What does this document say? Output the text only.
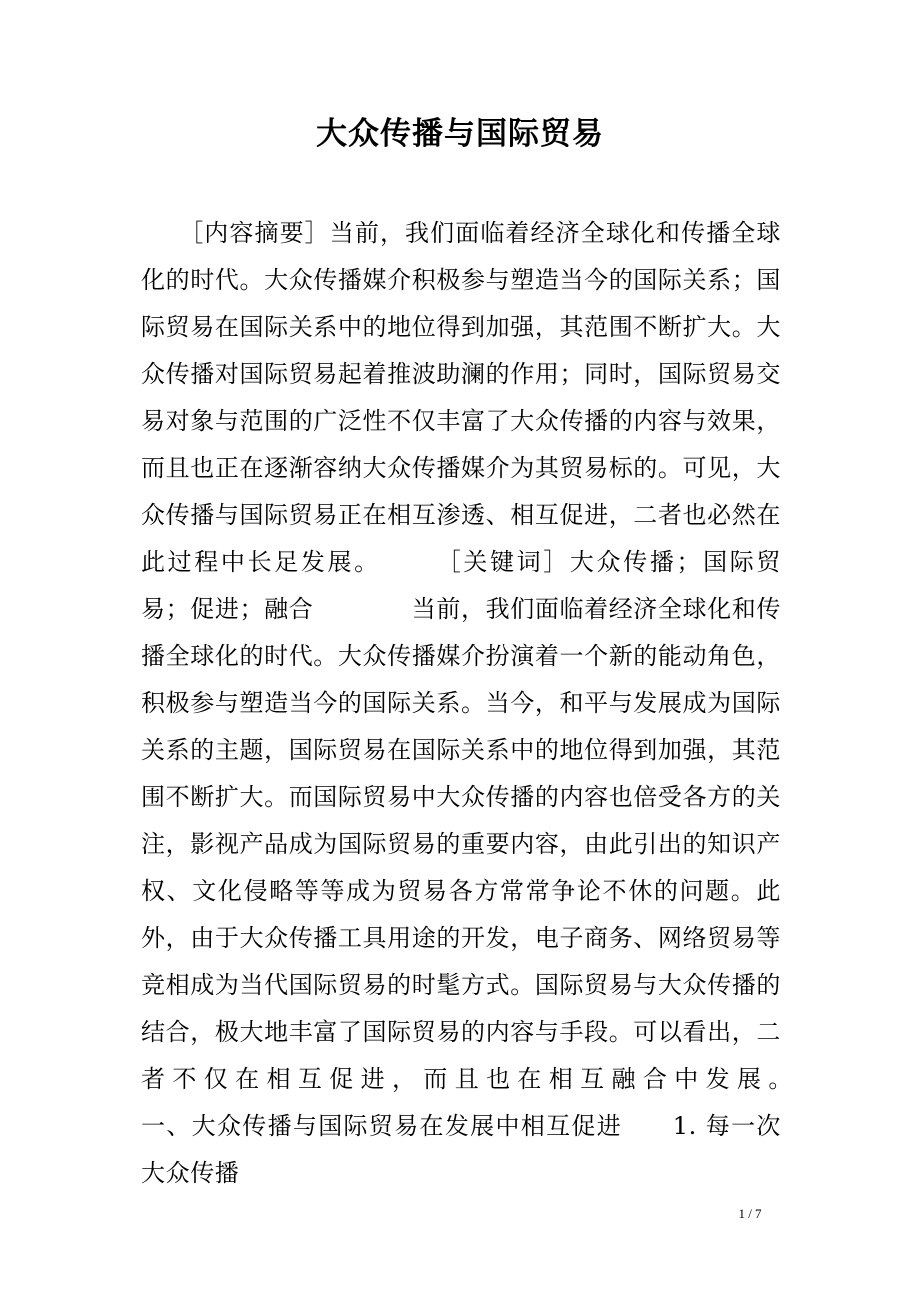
大众传播与国际贸易

　　［内容摘要］当前，我们面临着经济全球化和传播全球化的时代。大众传播媒介积极参与塑造当今的国际关系；国际贸易在国际关系中的地位得到加强，其范围不断扩大。大众传播对国际贸易起着推波助澜的作用；同时，国际贸易交易对象与范围的广泛性不仅丰富了大众传播的内容与效果，而且也正在逐渐容纳大众传播媒介为其贸易标的。可见，大众传播与国际贸易正在相互渗透、相互促进，二者也必然在此过程中长足发展。　　　［关键词］大众传播；国际贸易；促进；融合　　　　当前，我们面临着经济全球化和传播全球化的时代。大众传播媒介扮演着一个新的能动角色，积极参与塑造当今的国际关系。当今，和平与发展成为国际关系的主题，国际贸易在国际关系中的地位得到加强，其范围不断扩大。而国际贸易中大众传播的内容也倍受各方的关注，影视产品成为国际贸易的重要内容，由此引出的知识产权、文化侵略等等成为贸易各方常常争论不休的问题。此外，由于大众传播工具用途的开发，电子商务、网络贸易等竞相成为当代国际贸易的时髦方式。国际贸易与大众传播的结合，极大地丰富了国际贸易的内容与手段。可以看出，二者不仅在相互促进，而且也在相互融合中发展。　　　　一、大众传播与国际贸易在发展中相互促进　　1. 每一次大众传播

1 / 7
